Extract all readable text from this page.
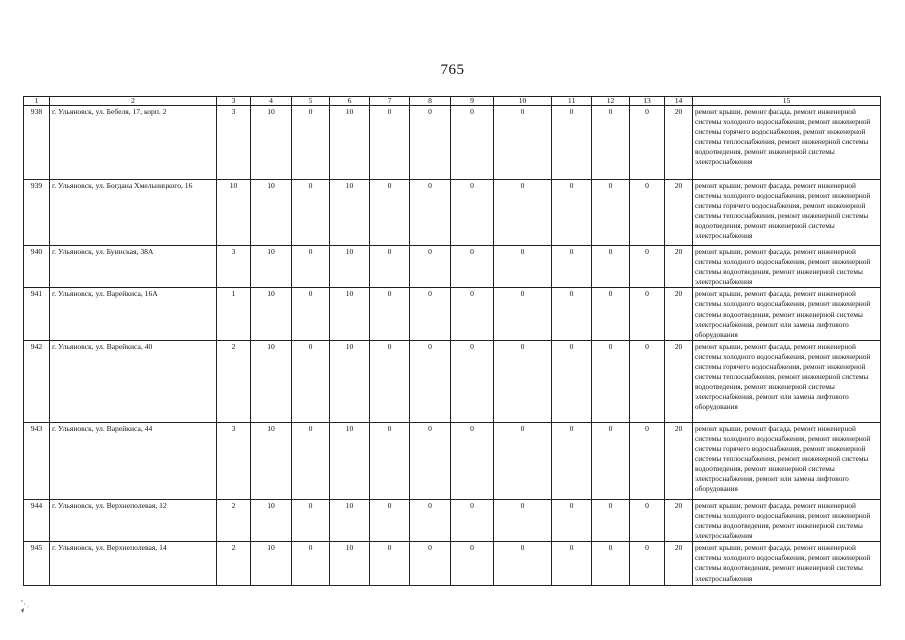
765
1	2	3	4	5	6	7	8	9	10	11	12	13	14	15
938	г. Ульяновск, ул. Бебеля, 17, корп. 2	3	10	0	10	0	0	0	0	0	0	0	20	ремонт крыши, ремонт фасада, ремонт инженерной системы холодного водоснабжения, ремонт инженерной системы горячего водоснабжения, ремонт инженерной системы теплоснабжения, ремонт инженерной системы водоотведения, ремонт инженерной системы электроснабжения
939	г. Ульяновск, ул. Богдана Хмельницкого, 16	10	10	0	10	0	0	0	0	0	0	0	20	ремонт крыши, ремонт фасада, ремонт инженерной системы холодного водоснабжения, ремонт инженерной системы горячего водоснабжения, ремонт инженерной системы теплоснабжения, ремонт инженерной системы водоотведения, ремонт инженерной системы электроснабжения
940	г. Ульяновск, ул. Буинская, 38А	3	10	0	10	0	0	0	0	0	0	0	20	ремонт крыши, ремонт фасада, ремонт инженерной системы холодного водоснабжения, ремонт инженерной системы водоотведения, ремонт инженерной системы электроснабжения
941	г. Ульяновск, ул. Варейкиса, 16А	1	10	0	10	0	0	0	0	0	0	0	20	ремонт крыши, ремонт фасада, ремонт инженерной системы холодного водоснабжения, ремонт инженерной системы водоотведения, ремонт инженерной системы электроснабжения, ремонт или замена лифтового оборудования
942	г. Ульяновск, ул. Варейкиса, 40	2	10	0	10	0	0	0	0	0	0	0	20	ремонт крыши, ремонт фасада, ремонт инженерной системы холодного водоснабжения, ремонт инженерной системы горячего водоснабжения, ремонт инженерной системы теплоснабжения, ремонт инженерной системы водоотведения, ремонт инженерной системы электроснабжения, ремонт или замена лифтового оборудования
943	г. Ульяновск, ул. Варейкиса, 44	3	10	0	10	0	0	0	0	0	0	0	20	ремонт крыши, ремонт фасада, ремонт инженерной системы холодного водоснабжения, ремонт инженерной системы горячего водоснабжения, ремонт инженерной системы теплоснабжения, ремонт инженерной системы водоотведения, ремонт инженерной системы электроснабжения, ремонт или замена лифтового оборудования
944	г. Ульяновск, ул. Верхнеполевая, 12	2	10	0	10	0	0	0	0	0	0	0	20	ремонт крыши, ремонт фасада, ремонт инженерной системы холодного водоснабжения, ремонт инженерной системы водоотведения, ремонт инженерной системы электроснабжения
945	г. Ульяновск, ул. Верхнеполевая, 14	2	10	0	10	0	0	0	0	0	0	0	20	ремонт крыши, ремонт фасада, ремонт инженерной системы холодного водоснабжения, ремонт инженерной системы водоотведения, ремонт инженерной системы электроснабжения
